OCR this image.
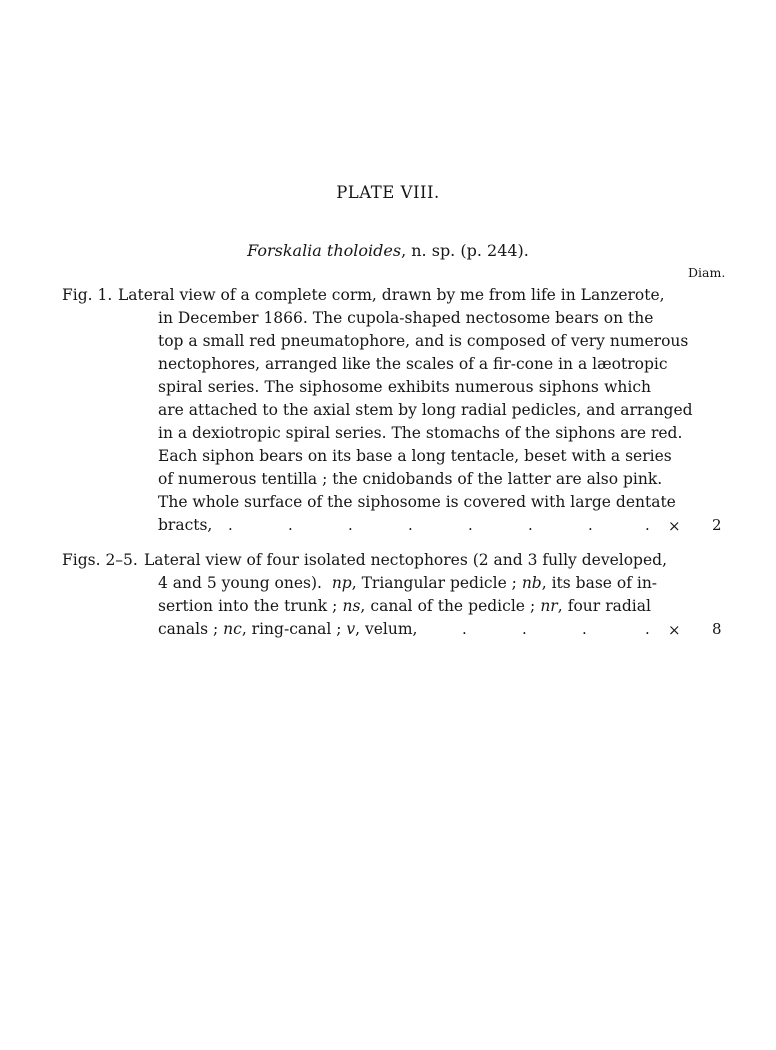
PLATE VIII.
Forskalia tholoides, n. sp. (p. 244).
Diam.
Fig. 1. Lateral view of a complete corm, drawn by me from life in Lanzerote,
in December 1866. The cupola-shaped nectosome bears on the
top a small red pneumatophore, and is composed of very numerous
nectophores, arranged like the scales of a fir-cone in a læotropic
spiral series. The siphosome exhibits numerous siphons which
are attached to the axial stem by long radial pedicles, and arranged
in a dexiotropic spiral series. The stomachs of the siphons are red.
Each siphon bears on its base a long tentacle, beset with a series
of numerous tentilla ; the cnidobands of the latter are also pink.
The whole surface of the siphosome is covered with large dentate
bracts, .	.	.	.	.	.	.	. × 2
Figs. 2–5. Lateral view of four isolated nectophores (2 and 3 fully developed,
4 and 5 young ones). np, Triangular pedicle ; nb, its base of in-
sertion into the trunk ; ns, canal of the pedicle ; nr, four radial
canals ; nc, ring-canal ; v, velum,	.	.	.	. × 8
